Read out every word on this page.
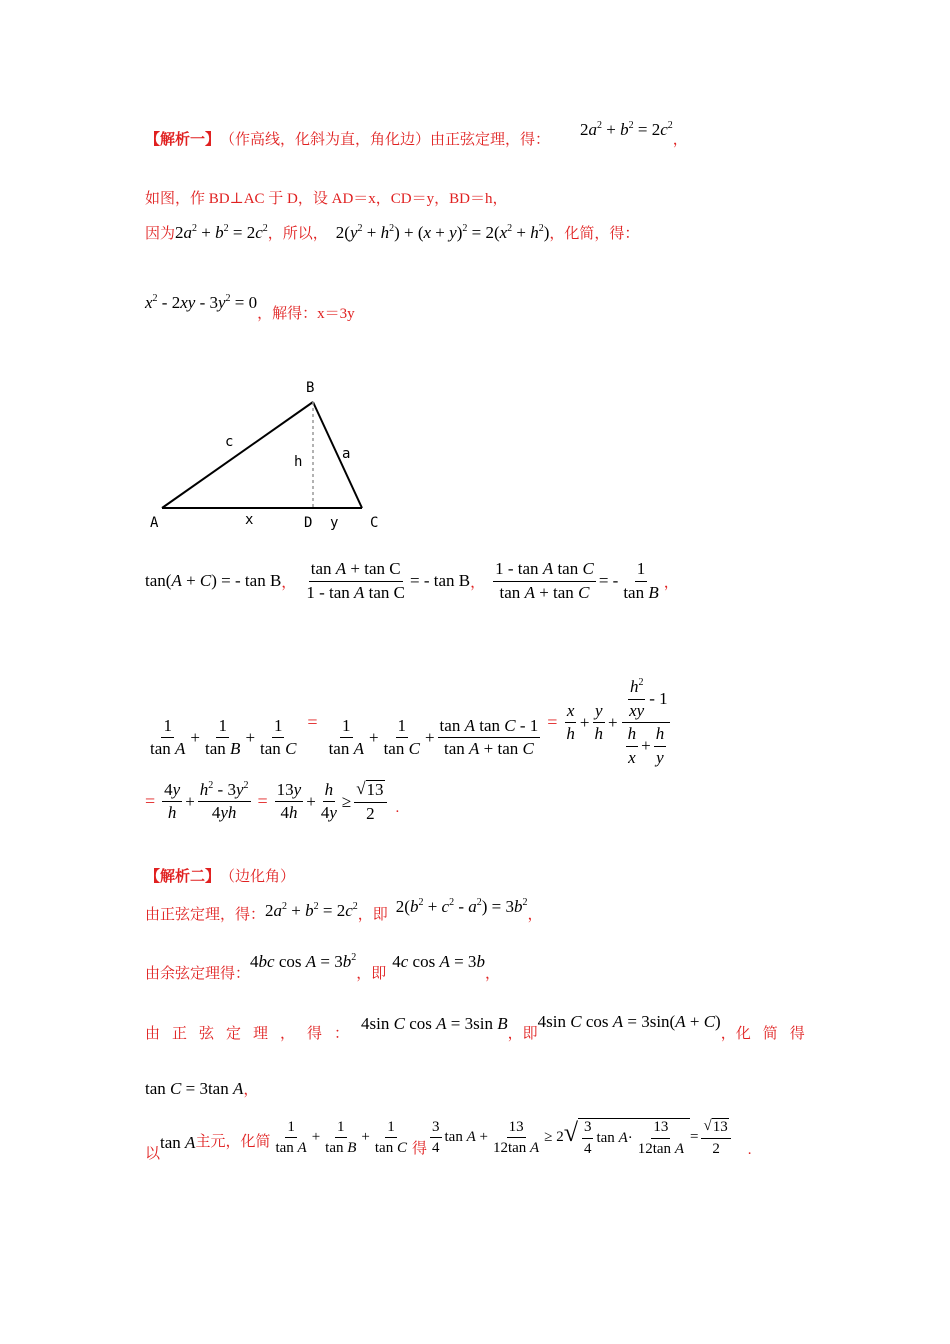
【解析一】 （作高线，化斜为直，角化边）由正弦定理，得：
$2a^2 + b^2 = 2c^2$
，
如图，作 BD⊥AC 于 D，设 AD＝x，CD＝y，BD＝h，
因为 $2a^2 + b^2 = 2c^2$ ，所以， $2(y^2 + h^2) + (x + y)^2 = 2(x^2 + h^2)$ ，化简，得：
$x^2 - 2xy - 3y^2 = 0$
，解得：x＝3y
A
B
C
D
c
a
h
x	y
tan(A + C) = - tan B ， $\frac{\text{tan A + tan C}}{\text{1 - tan A tan C}}$ = - tan B ， $\frac{\text{1 - tan A tan C}}{\text{tan A + tan C}}$ = - $\frac{1}{\text{tan B}}$ ，
$\frac{1}{\text{tan A}} + \frac{1}{\text{tan B}} + \frac{1}{\text{tan C}} = \frac{1}{\text{tan A}} + \frac{1}{\text{tan C}} + \frac{\text{tan A tan C - 1}}{\text{tan A + tan C}} = \frac{x}{h} + \frac{y}{h} + \frac{\frac{h^2}{xy} - 1}{\frac{h}{x} + \frac{h}{y}}$
= $\frac{4y}{h} + \frac{h^2 - 3y^2}{4yh} = \frac{13y}{4h} + \frac{h}{4y} \ge \frac{√ 13}{2}$ .
【解析二】 （边化角）
由正弦定理，得： $2a^2 + b^2 = 2c^2$
，即 $2(b^2 + c^2 - a^2) = 3b^2$
，
由余弦定理得：
4bc $\cos A = 3b^2$
，即
4c cos A = 3b
，
由正弦定理，得：
4sin C cos A = 3sin B
， 即
4sin C cos A = 3sin(A + C)
， 化简得
tan C = 3tan A ，
以
tan A 主元，化简 $\frac{1}{\text{tan A}} + \frac{1}{\text{tan B}} + \frac{1}{\text{tan C}}$ 得 $\frac{3}{4}$ $\tan A + \frac{13}{\text{12tan A}} \ge 2$ √ $\frac{3}{4}$ $\tan A\cdot \frac{13}{\text{12tan A}} = \frac{√ 13}{2}$ .
